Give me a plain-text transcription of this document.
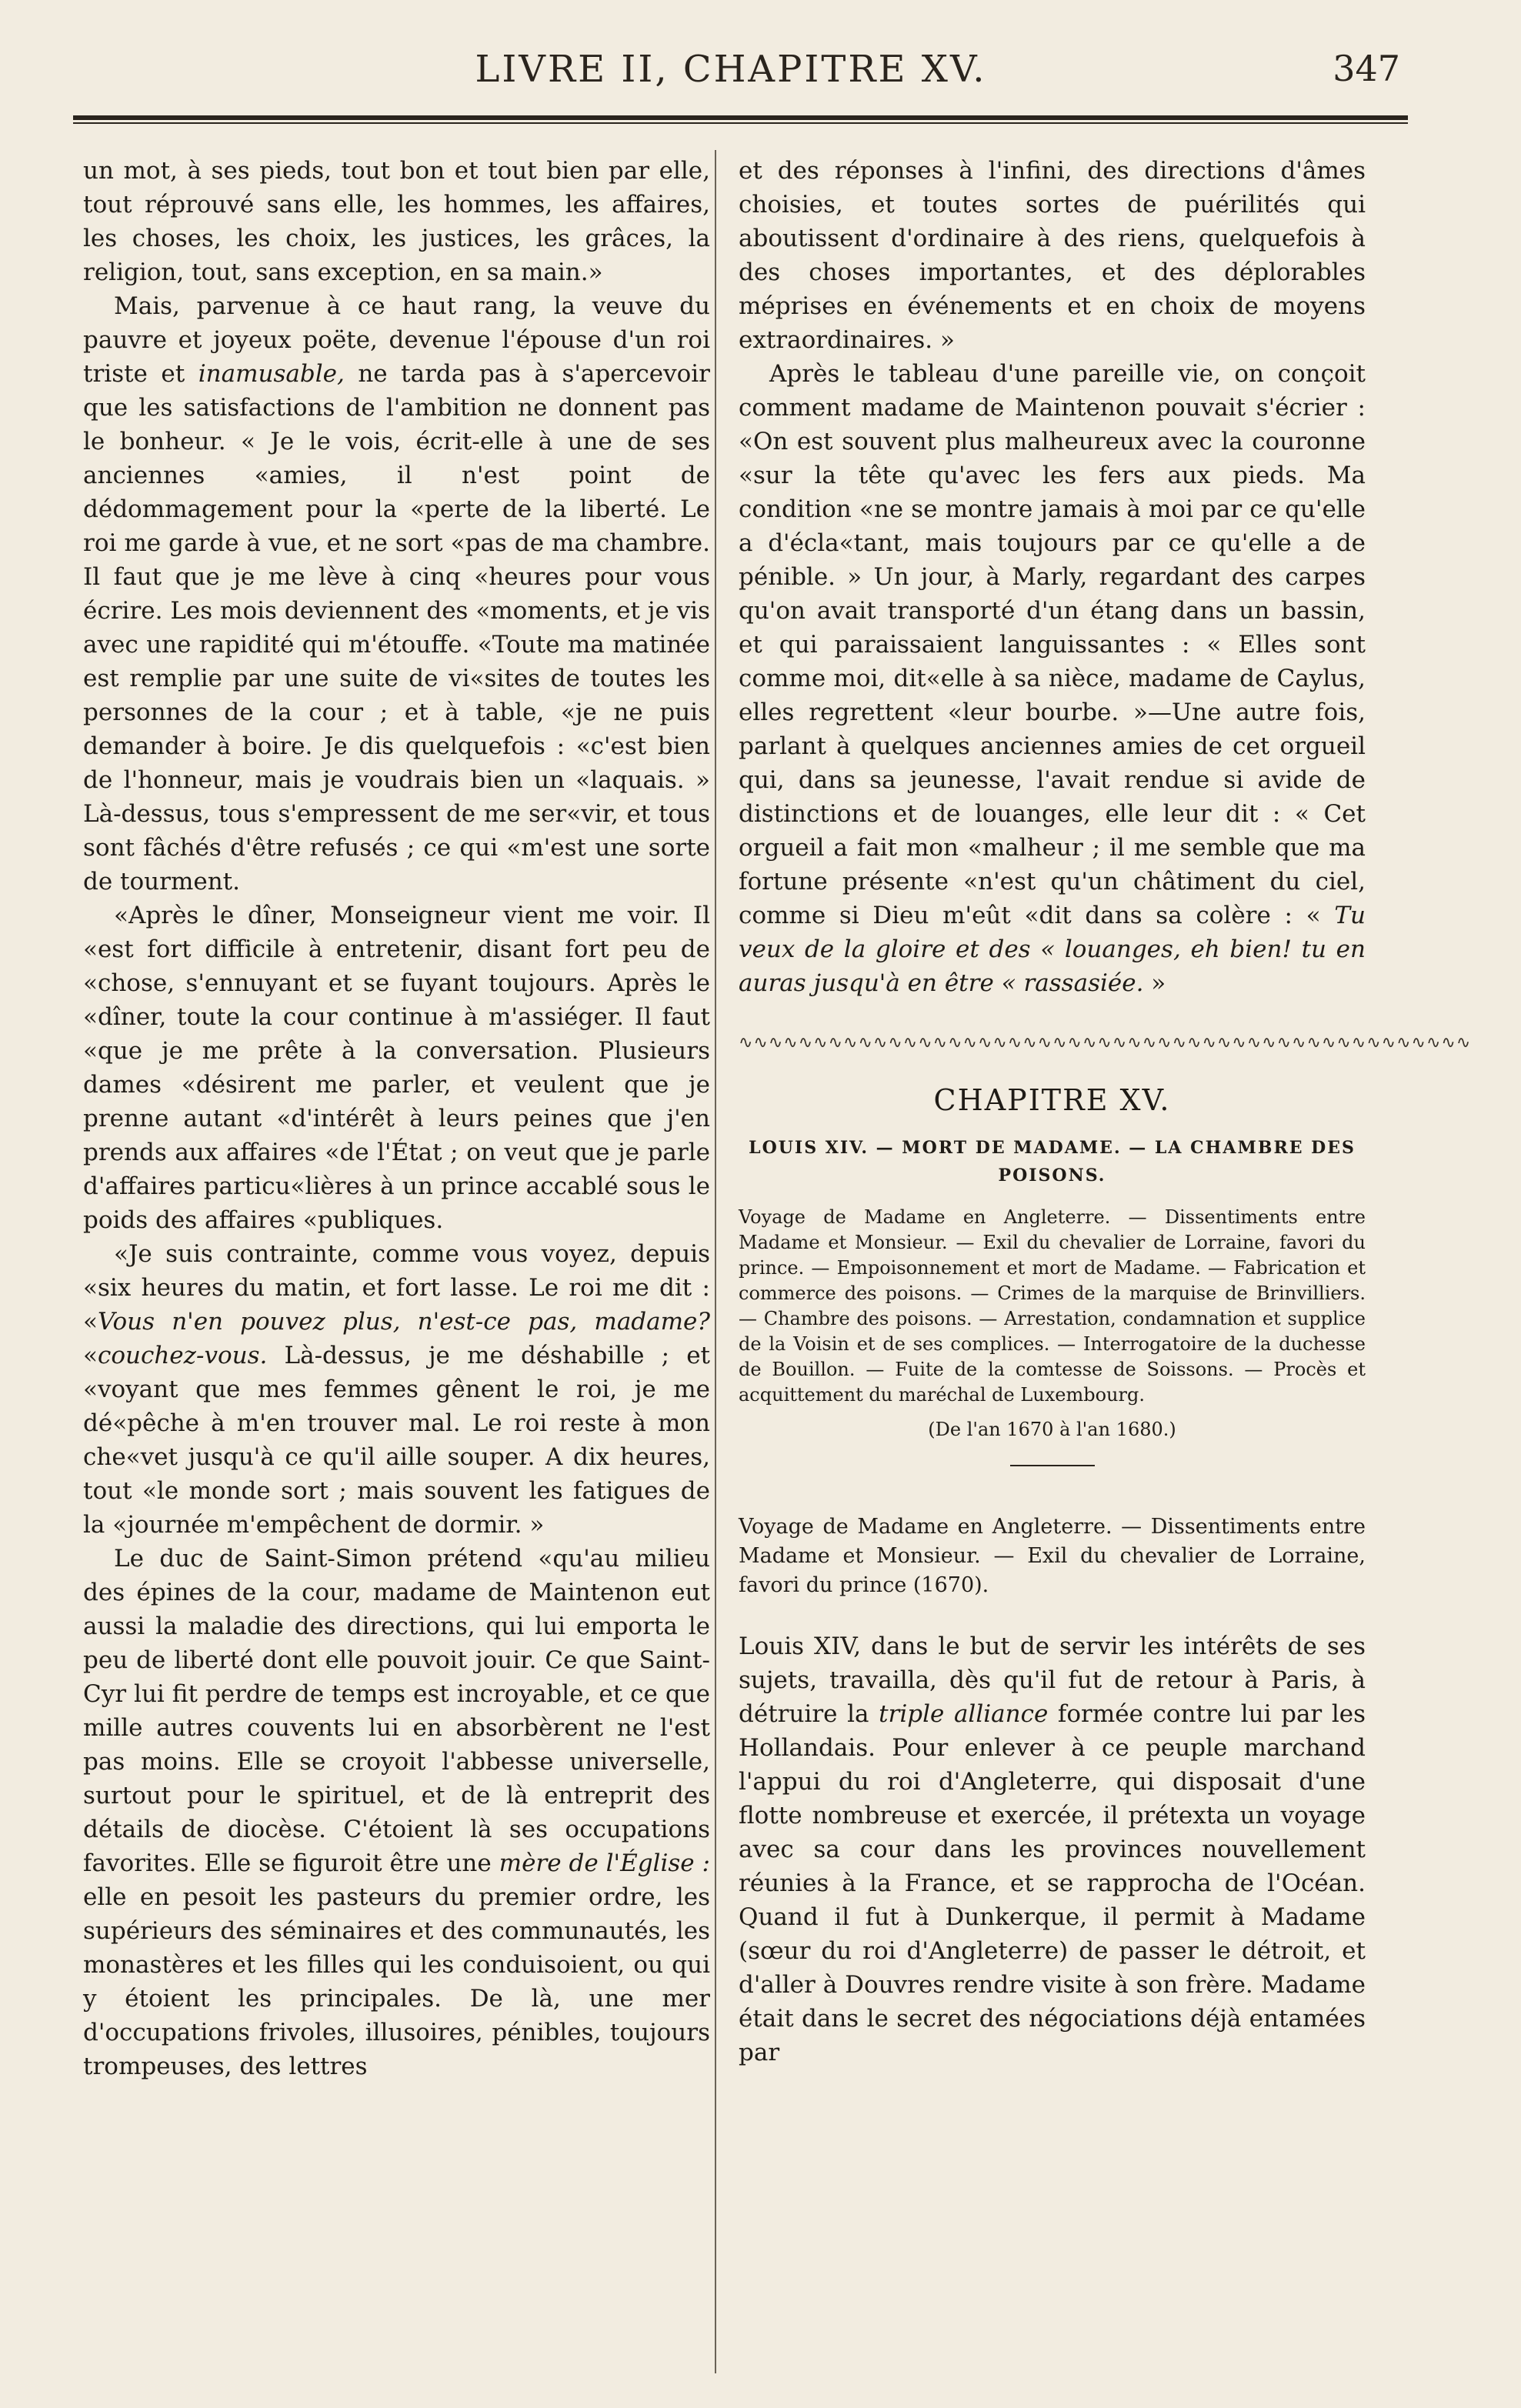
LIVRE II, CHAPITRE XV.	347

un mot, à ses pieds, tout bon et tout bien par elle, tout réprouvé sans elle, les hommes, les affaires, les choses, les choix, les justices, les grâces, la religion, tout, sans exception, en sa main.»

Mais, parvenue à ce haut rang, la veuve du pauvre et joyeux poëte, devenue l'épouse d'un roi triste et inamusable, ne tarda pas à s'apercevoir que les satisfactions de l'ambition ne donnent pas le bonheur. « Je le vois, écrit-elle à une de ses anciennes «amies, il n'est point de dédommagement pour la «perte de la liberté. Le roi me garde à vue, et ne sort «pas de ma chambre. Il faut que je me lève à cinq «heures pour vous écrire. Les mois deviennent des «moments, et je vis avec une rapidité qui m'étouffe. «Toute ma matinée est remplie par une suite de vi«sites de toutes les personnes de la cour ; et à table, «je ne puis demander à boire. Je dis quelquefois : «c'est bien de l'honneur, mais je voudrais bien un «laquais. » Là-dessus, tous s'empressent de me ser«vir, et tous sont fâchés d'être refusés ; ce qui «m'est une sorte de tourment.

«Après le dîner, Monseigneur vient me voir. Il «est fort difficile à entretenir, disant fort peu de «chose, s'ennuyant et se fuyant toujours. Après le «dîner, toute la cour continue à m'assiéger. Il faut «que je me prête à la conversation. Plusieurs dames «désirent me parler, et veulent que je prenne autant «d'intérêt à leurs peines que j'en prends aux affaires «de l'État ; on veut que je parle d'affaires particu«lières à un prince accablé sous le poids des affaires «publiques.

«Je suis contrainte, comme vous voyez, depuis «six heures du matin, et fort lasse. Le roi me dit : «Vous n'en pouvez plus, n'est-ce pas, madame? «couchez-vous. Là-dessus, je me déshabille ; et «voyant que mes femmes gênent le roi, je me dé«pêche à m'en trouver mal. Le roi reste à mon che«vet jusqu'à ce qu'il aille souper. A dix heures, tout «le monde sort ; mais souvent les fatigues de la «journée m'empêchent de dormir. »

Le duc de Saint-Simon prétend «qu'au milieu des épines de la cour, madame de Maintenon eut aussi la maladie des directions, qui lui emporta le peu de liberté dont elle pouvoit jouir. Ce que Saint-Cyr lui fit perdre de temps est incroyable, et ce que mille autres couvents lui en absorbèrent ne l'est pas moins. Elle se croyoit l'abbesse universelle, surtout pour le spirituel, et de là entreprit des détails de diocèse. C'étoient là ses occupations favorites. Elle se figuroit être une mère de l'Église : elle en pesoit les pasteurs du premier ordre, les supérieurs des séminaires et des communautés, les monastères et les filles qui les conduisoient, ou qui y étoient les principales. De là, une mer d'occupations frivoles, illusoires, pénibles, toujours trompeuses, des lettres

et des réponses à l'infini, des directions d'âmes choisies, et toutes sortes de puérilités qui aboutissent d'ordinaire à des riens, quelquefois à des choses importantes, et des déplorables méprises en événements et en choix de moyens extraordinaires. »

Après le tableau d'une pareille vie, on conçoit comment madame de Maintenon pouvait s'écrier : «On est souvent plus malheureux avec la couronne «sur la tête qu'avec les fers aux pieds. Ma condition «ne se montre jamais à moi par ce qu'elle a d'écla«tant, mais toujours par ce qu'elle a de pénible. » Un jour, à Marly, regardant des carpes qu'on avait transporté d'un étang dans un bassin, et qui paraissaient languissantes : « Elles sont comme moi, dit«elle à sa nièce, madame de Caylus, elles regrettent «leur bourbe. »—Une autre fois, parlant à quelques anciennes amies de cet orgueil qui, dans sa jeunesse, l'avait rendue si avide de distinctions et de louanges, elle leur dit : « Cet orgueil a fait mon «malheur ; il me semble que ma fortune présente «n'est qu'un châtiment du ciel, comme si Dieu m'eût «dit dans sa colère : « Tu veux de la gloire et des « louanges, eh bien! tu en auras jusqu'à en être « rassasiée. »

∿∿∿∿∿∿∿∿∿∿∿∿∿∿∿∿∿∿∿∿∿∿∿∿∿∿∿∿∿∿∿∿∿∿∿∿∿∿∿∿∿∿∿∿∿∿∿∿∿
CHAPITRE XV.
LOUIS XIV. — MORT DE MADAME. — LA CHAMBRE DES POISONS.
Voyage de Madame en Angleterre. — Dissentiments entre Madame et Monsieur. — Exil du chevalier de Lorraine, favori du prince. — Empoisonnement et mort de Madame. — Fabrication et commerce des poisons. — Crimes de la marquise de Brinvilliers. — Chambre des poisons. — Arrestation, condamnation et supplice de la Voisin et de ses complices. — Interrogatoire de la duchesse de Bouillon. — Fuite de la comtesse de Soissons. — Procès et acquittement du maréchal de Luxembourg.
(De l'an 1670 à l'an 1680.)
Voyage de Madame en Angleterre. — Dissentiments entre Madame et Monsieur. — Exil du chevalier de Lorraine, favori du prince (1670).

Louis XIV, dans le but de servir les intérêts de ses sujets, travailla, dès qu'il fut de retour à Paris, à détruire la triple alliance formée contre lui par les Hollandais. Pour enlever à ce peuple marchand l'appui du roi d'Angleterre, qui disposait d'une flotte nombreuse et exercée, il prétexta un voyage avec sa cour dans les provinces nouvellement réunies à la France, et se rapprocha de l'Océan. Quand il fut à Dunkerque, il permit à Madame (sœur du roi d'Angleterre) de passer le détroit, et d'aller à Douvres rendre visite à son frère. Madame était dans le secret des négociations déjà entamées par
